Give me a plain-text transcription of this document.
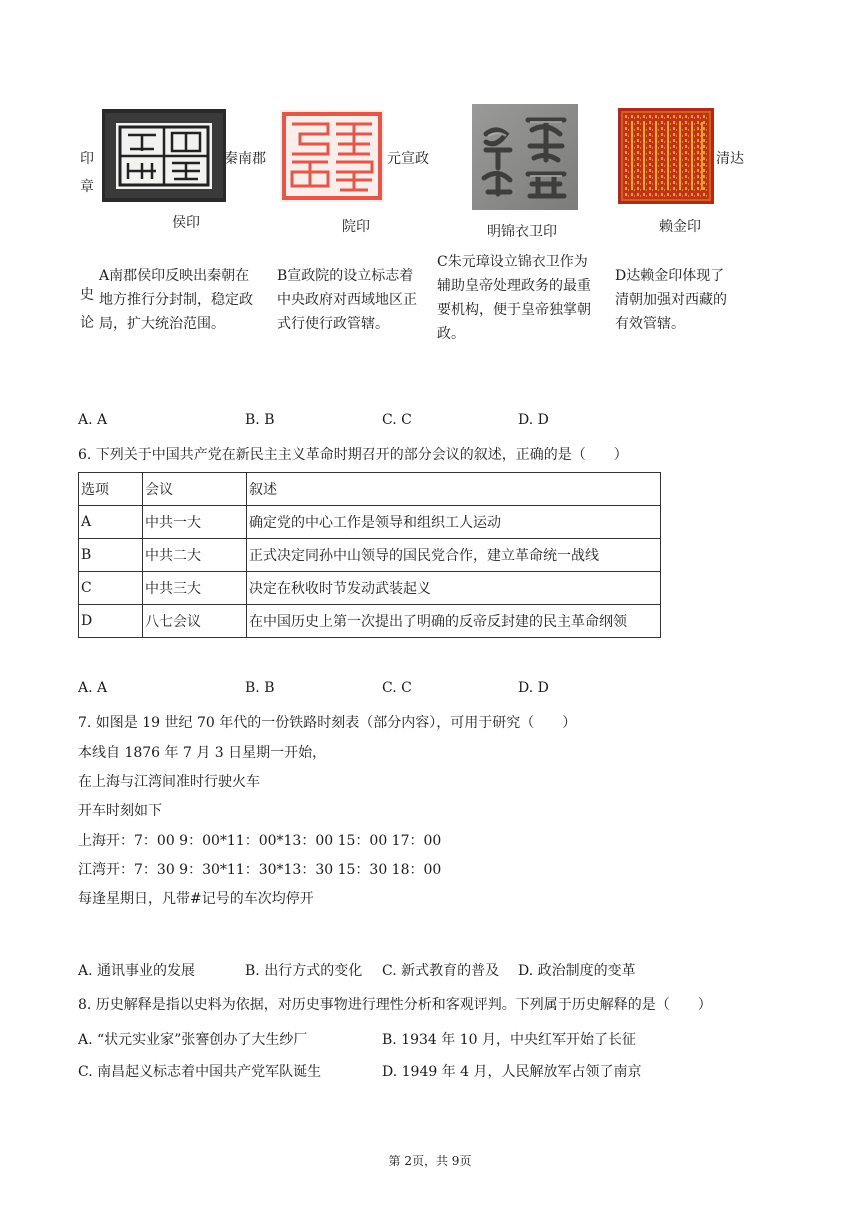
印
章
秦南郡
侯印
元宣政
院印	明锦衣卫印
清达
赖金印
史
论
A南郡侯印反映出秦朝在
地方推行分封制，稳定政
局，扩大统治范围。
B宣政院的设立标志着
中央政府对西域地区正
式行使行政管辖。
C朱元璋设立锦衣卫作为
辅助皇帝处理政务的最重
要机构，便于皇帝独掌朝
政。
D达赖金印体现了
清朝加强对西藏的
有效管辖。
A. A	B. B	C. C	D. D
6. 下列关于中国共产党在新民主主义革命时期召开的部分会议的叙述，正确的是（　　）
选项	会议	叙述
A	中共一大	确定党的中心工作是领导和组织工人运动
B	中共二大	正式决定同孙中山领导的国民党合作，建立革命统一战线
C	中共三大	决定在秋收时节发动武装起义
D	八七会议	在中国历史上第一次提出了明确的反帝反封建的民主革命纲领
A. A	B. B	C. C	D. D
7. 如图是 19 世纪 70 年代的一份铁路时刻表（部分内容），可用于研究（　　）
本线自 1876 年 7 月 3 日星期一开始，
在上海与江湾间准时行驶火车
开车时刻如下
上海开：7：00 9：00*11：00*13：00 15：00 17：00
江湾开：7：30 9：30*11：30*13：30 15：30 18：00
每逢星期日，凡带#记号的车次均停开
A. 通讯事业的发展	B. 出行方式的变化 C. 新式教育的普及 D. 政治制度的变革
8. 历史解释是指以史料为依据，对历史事物进行理性分析和客观评判。下列属于历史解释的是（　　）
A. “状元实业家”张謇创办了大生纱厂	B. 1934 年 10 月，中央红军开始了长征
C. 南昌起义标志着中国共产党军队诞生	D. 1949 年 4 月，人民解放军占领了南京
第 2页，共 9页
